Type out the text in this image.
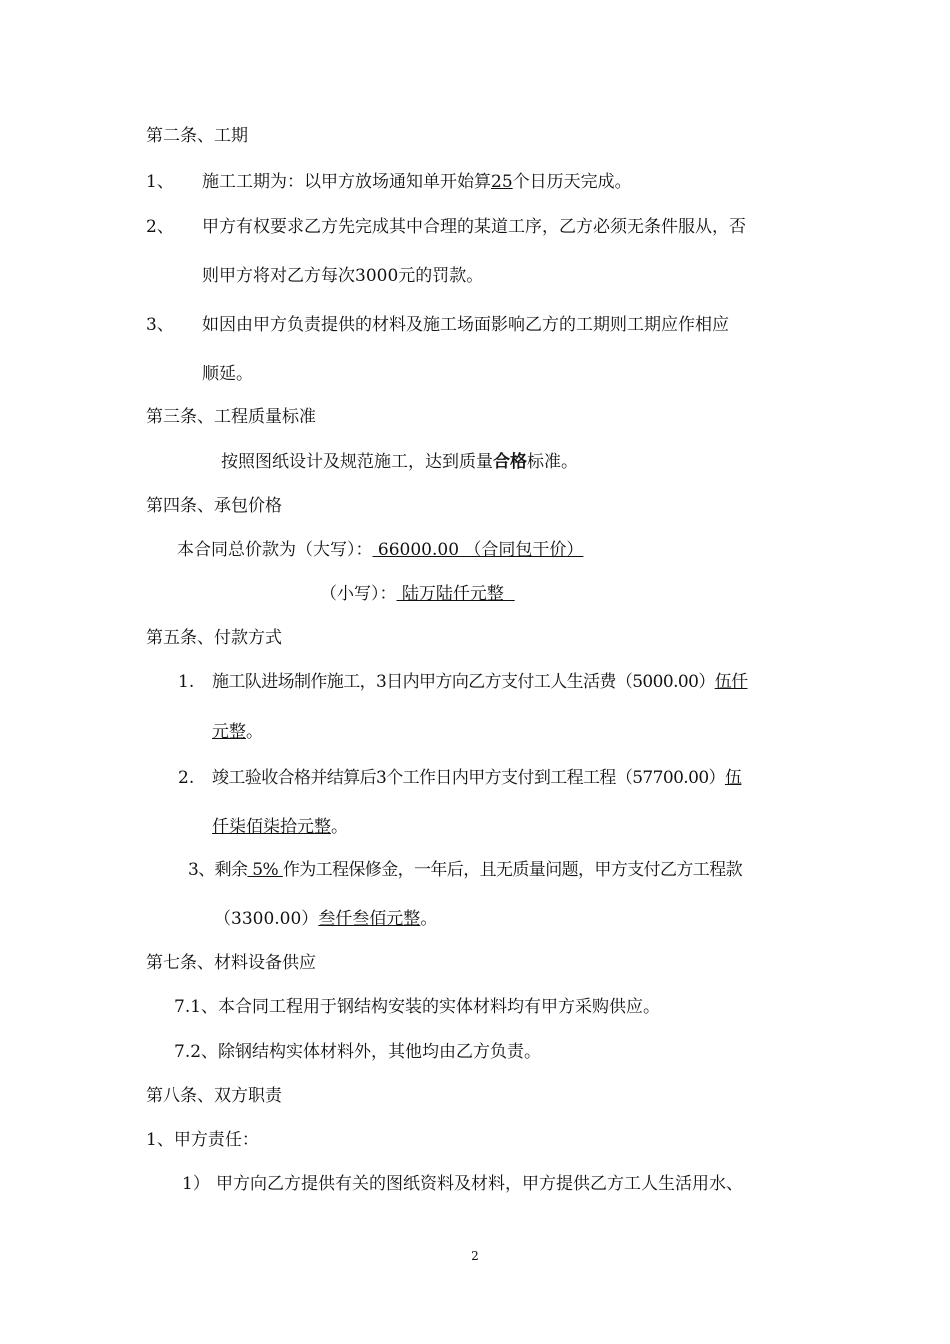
第二条、工期
1、 施工工期为：以甲方放场通知单开始算25个日历天完成。
2、 甲方有权要求乙方先完成其中合理的某道工序，乙方必须无条件服从，否
则甲方将对乙方每次3000元的罚款。
3、 如因由甲方负责提供的材料及施工场面影响乙方的工期则工期应作相应
顺延。
第三条、工程质量标准
按照图纸设计及规范施工，达到质量合格标准。
第四条、承包价格
本合同总价款为（大写）： 66000.00 （合同包干价）
（小写）： 陆万陆仟元整
第五条、付款方式
1. 施工队进场制作施工，3日内甲方向乙方支付工人生活费（5000.00）伍仟
元整。
2. 竣工验收合格并结算后3个工作日内甲方支付到工程工程（57700.00）伍
仟柒佰柒拾元整。
3、剩余 5% 作为工程保修金，一年后，且无质量问题，甲方支付乙方工程款
（3300.00）叁仟叁佰元整。
第七条、材料设备供应
7.1、本合同工程用于钢结构安装的实体材料均有甲方采购供应。
7.2、除钢结构实体材料外，其他均由乙方负责。
第八条、双方职责
1、甲方责任：
1） 甲方向乙方提供有关的图纸资料及材料，甲方提供乙方工人生活用水、
2
